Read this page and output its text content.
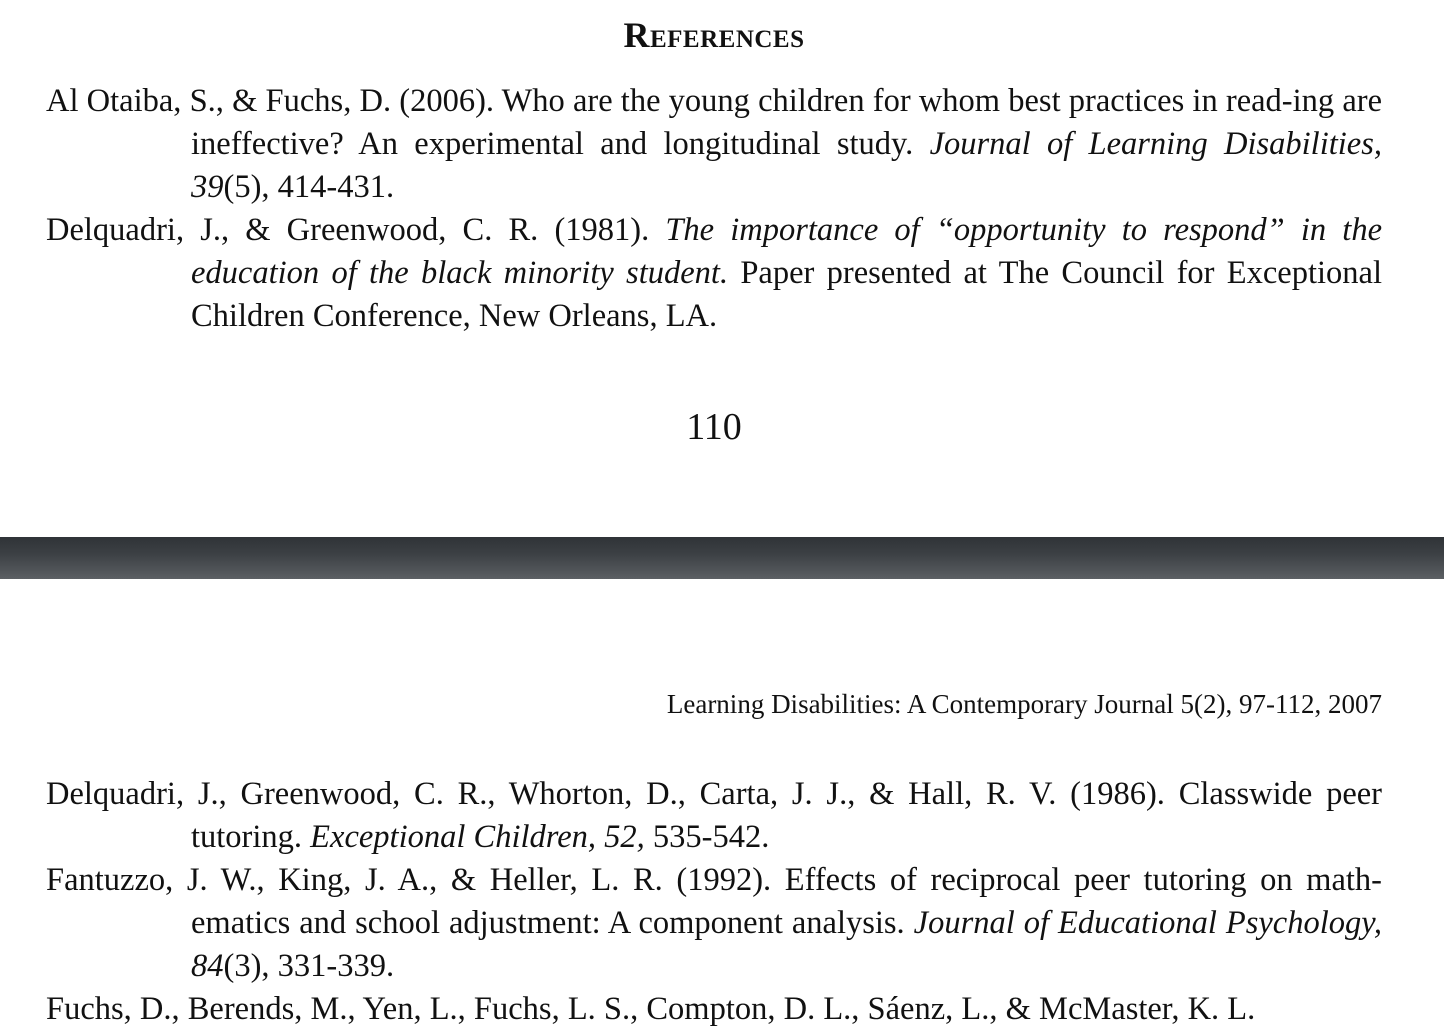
References

Al Otaiba, S., & Fuchs, D. (2006). Who are the young children for whom best practices in read-ing are ineffective? An experimental and longitudinal study. Journal of Learning Disabilities, 39(5), 414-431.

Delquadri, J., & Greenwood, C. R. (1981). The importance of “opportunity to respond” in the education of the black minority student. Paper presented at The Council for Exceptional Children Conference, New Orleans, LA.

110
Learning Disabilities: A Contemporary Journal 5(2), 97-112, 2007

Delquadri, J., Greenwood, C. R., Whorton, D., Carta, J. J., & Hall, R. V. (1986). Classwide peer tutoring. Exceptional Children, 52, 535-542.

Fantuzzo, J. W., King, J. A., & Heller, L. R. (1992). Effects of reciprocal peer tutoring on math-ematics and school adjustment: A component analysis. Journal of Educational Psychology, 84(3), 331-339.

Fuchs, D., Berends, M., Yen, L., Fuchs, L. S., Compton, D. L., Sáenz, L., & McMaster, K. L.
